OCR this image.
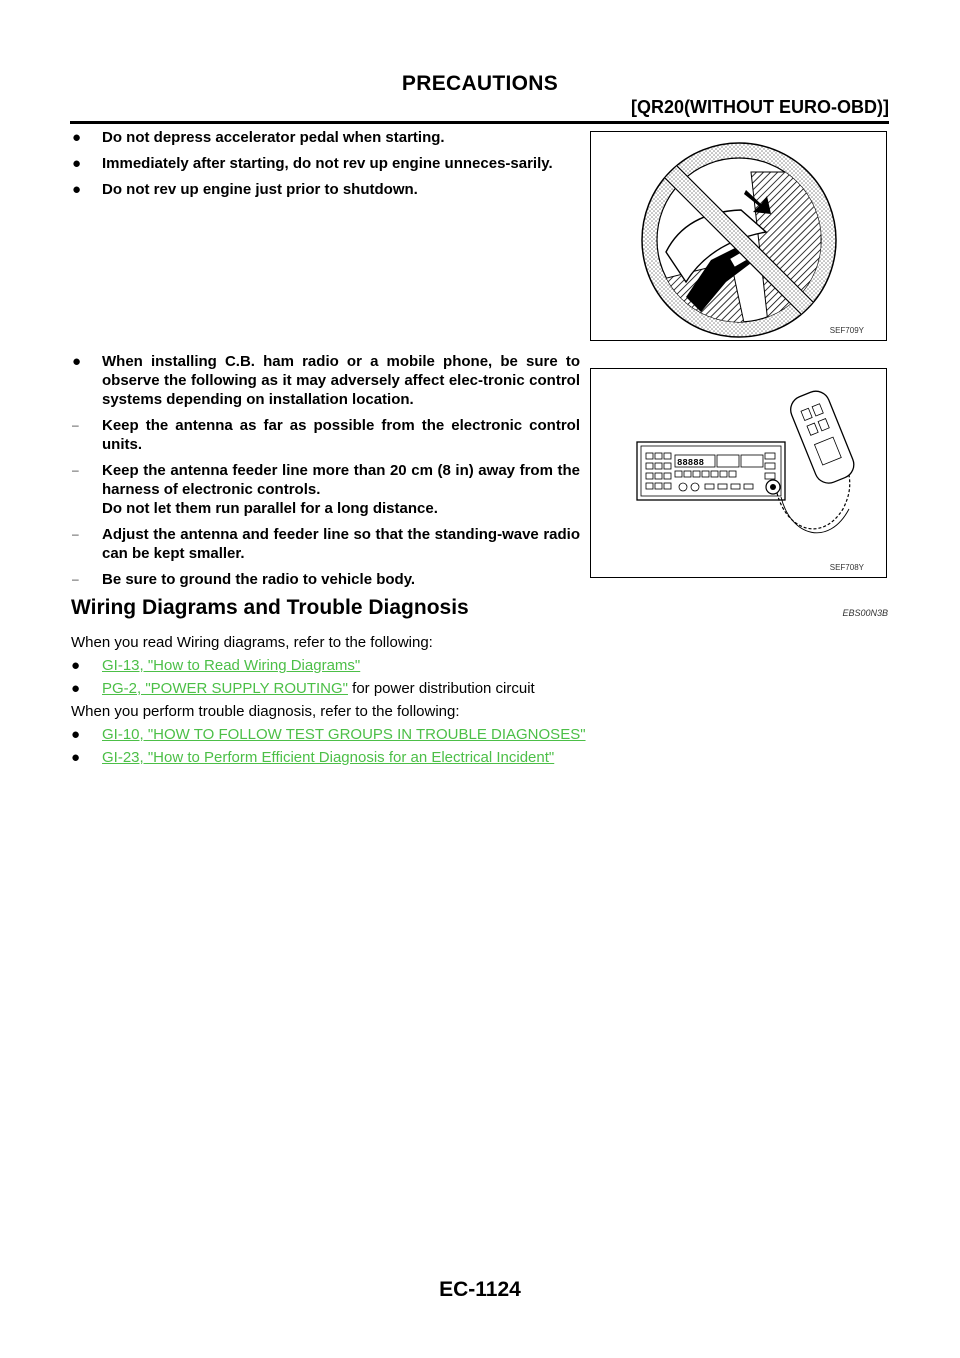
PRECAUTIONS
[QR20(WITHOUT EURO-OBD)]
●	Do not depress accelerator pedal when starting.
●	Immediately after starting, do not rev up engine unneces-sarily.
●	Do not rev up engine just prior to shutdown.
SEF709Y
●	When installing C.B. ham radio or a mobile phone, be sure to observe the following as it may adversely affect elec-tronic control systems depending on installation location.
–	Keep the antenna as far as possible from the electronic control units.
–	Keep the antenna feeder line more than 20 cm (8 in) away from the harness of electronic controls.
Do not let them run parallel for a long distance.
–	Adjust the antenna and feeder line so that the standing-wave radio can be kept smaller.
–	Be sure to ground the radio to vehicle body.
88888
SEF708Y
Wiring Diagrams and Trouble Diagnosis	EBS00N3B
When you read Wiring diagrams, refer to the following:
● GI-13, "How to Read Wiring Diagrams"
● PG-2, "POWER SUPPLY ROUTING" for power distribution circuit
When you perform trouble diagnosis, refer to the following:
● GI-10, "HOW TO FOLLOW TEST GROUPS IN TROUBLE DIAGNOSES"
● GI-23, "How to Perform Efficient Diagnosis for an Electrical Incident"
EC-1124
